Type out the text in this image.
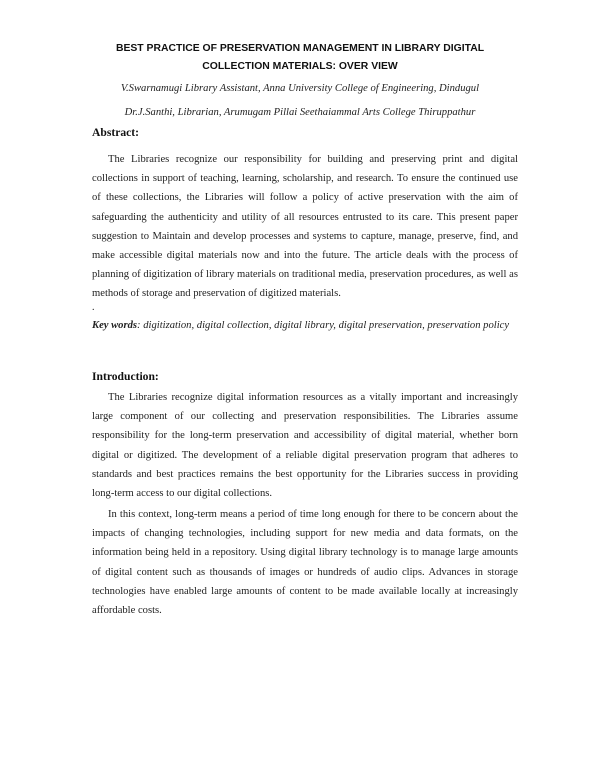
BEST PRACTICE OF PRESERVATION MANAGEMENT IN LIBRARY DIGITAL
COLLECTION MATERIALS: OVER VIEW
V.Swarnamugi Library Assistant, Anna University College of Engineering, Dindugul
Dr.J.Santhi, Librarian, Arumugam Pillai Seethaiammal Arts College Thiruppathur
Abstract:

The Libraries recognize our responsibility for building and preserving print and digital collections in support of teaching, learning, scholarship, and research. To ensure the continued use of these collections, the Libraries will follow a policy of active preservation with the aim of safeguarding the authenticity and utility of all resources entrusted to its care. This present paper suggestion to Maintain and develop processes and systems to capture, manage, preserve, find, and make accessible digital materials now and into the future. The article deals with the process of planning of digitization of library materials on traditional media, preservation procedures, as well as methods of storage and preservation of digitized materials.

.
Key words: digitization, digital collection, digital library, digital preservation, preservation policy
Introduction:

The Libraries recognize digital information resources as a vitally important and increasingly large component of our collecting and preservation responsibilities. The Libraries assume responsibility for the long-term preservation and accessibility of digital material, whether born digital or digitized. The development of a reliable digital preservation program that adheres to standards and best practices remains the best opportunity for the Libraries success in providing long-term access to our digital collections.

In this context, long-term means a period of time long enough for there to be concern about the impacts of changing technologies, including support for new media and data formats, on the information being held in a repository. Using digital library technology is to manage large amounts of digital content such as thousands of images or hundreds of audio clips. Advances in storage technologies have enabled large amounts of content to be made available locally at increasingly affordable costs.
